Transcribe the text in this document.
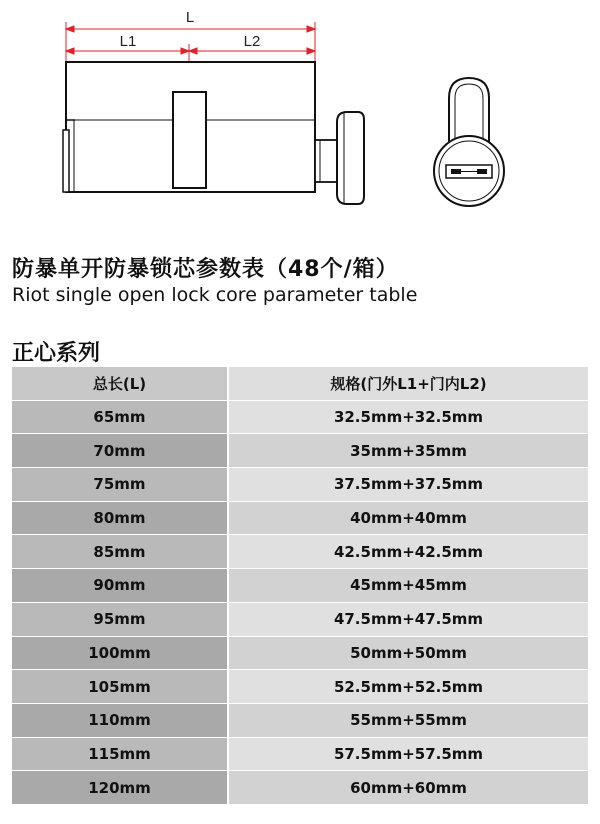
L
L1	L2
防暴单开防暴锁芯参数表（48个/箱）
Riot single open lock core parameter table
正心系列
总长(L)	规格(门外L1+门内L2)
65mm	32.5mm+32.5mm
70mm	35mm+35mm
75mm	37.5mm+37.5mm
80mm	40mm+40mm
85mm	42.5mm+42.5mm
90mm	45mm+45mm
95mm	47.5mm+47.5mm
100mm	50mm+50mm
105mm	52.5mm+52.5mm
110mm	55mm+55mm
115mm	57.5mm+57.5mm
120mm	60mm+60mm
